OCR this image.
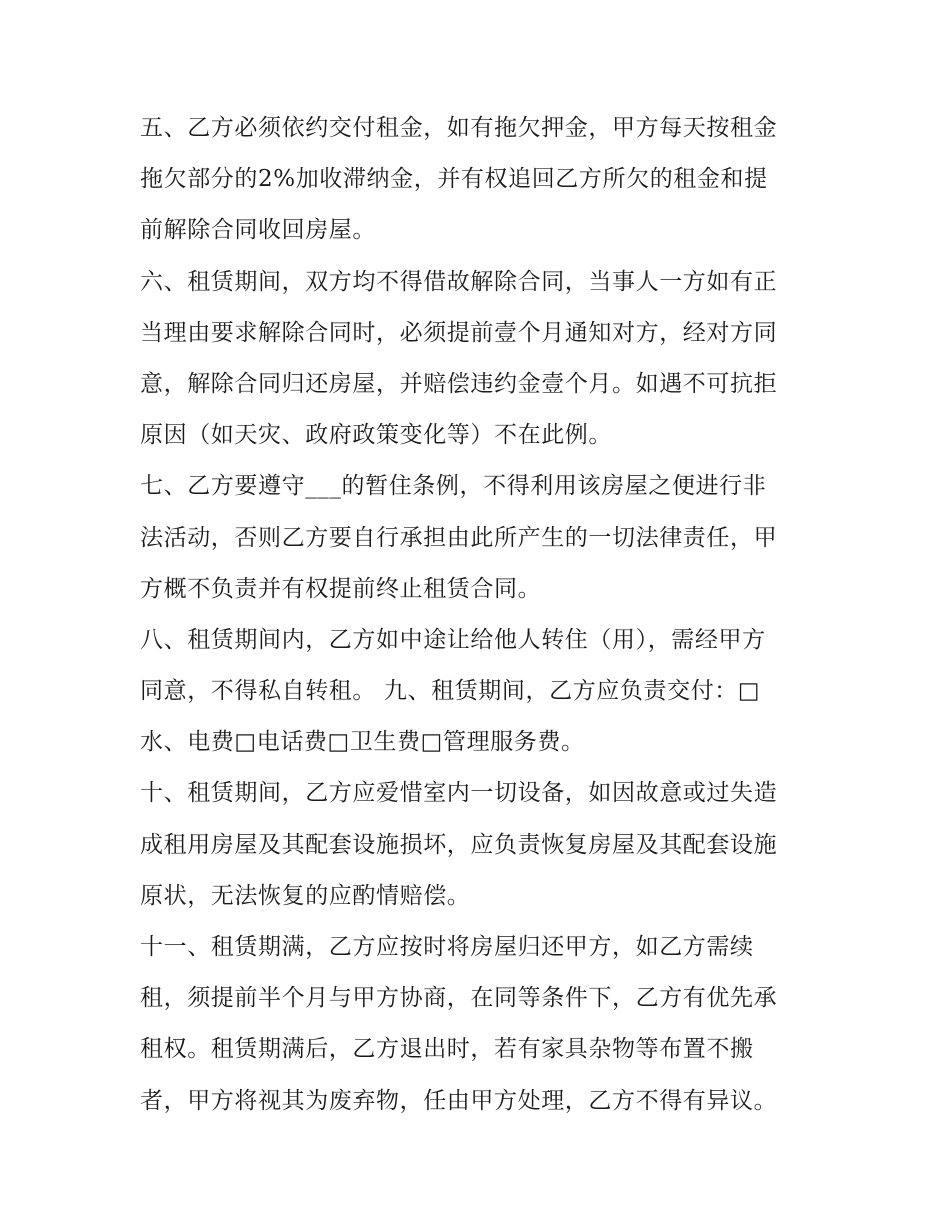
五、乙方必须依约交付租金，如有拖欠押金，甲方每天按租金
拖欠部分的2%加收滞纳金，并有权追回乙方所欠的租金和提
前解除合同收回房屋。
六、租赁期间，双方均不得借故解除合同，当事人一方如有正
当理由要求解除合同时，必须提前壹个月通知对方，经对方同
意，解除合同归还房屋，并赔偿违约金壹个月。如遇不可抗拒
原因（如天灾、政府政策变化等）不在此例。
七、乙方要遵守___的暂住条例，不得利用该房屋之便进行非
法活动，否则乙方要自行承担由此所产生的一切法律责任，甲
方概不负责并有权提前终止租赁合同。
八、租赁期间内，乙方如中途让给他人转住（用），需经甲方
同意，不得私自转租。 九、租赁期间，乙方应负责交付：□
水、电费□电话费□卫生费□管理服务费。
十、租赁期间，乙方应爱惜室内一切设备，如因故意或过失造
成租用房屋及其配套设施损坏，应负责恢复房屋及其配套设施
原状，无法恢复的应酌情赔偿。
十一、租赁期满，乙方应按时将房屋归还甲方，如乙方需续
租，须提前半个月与甲方协商，在同等条件下，乙方有优先承
租权。租赁期满后，乙方退出时，若有家具杂物等布置不搬
者，甲方将视其为废弃物，任由甲方处理，乙方不得有异议。
